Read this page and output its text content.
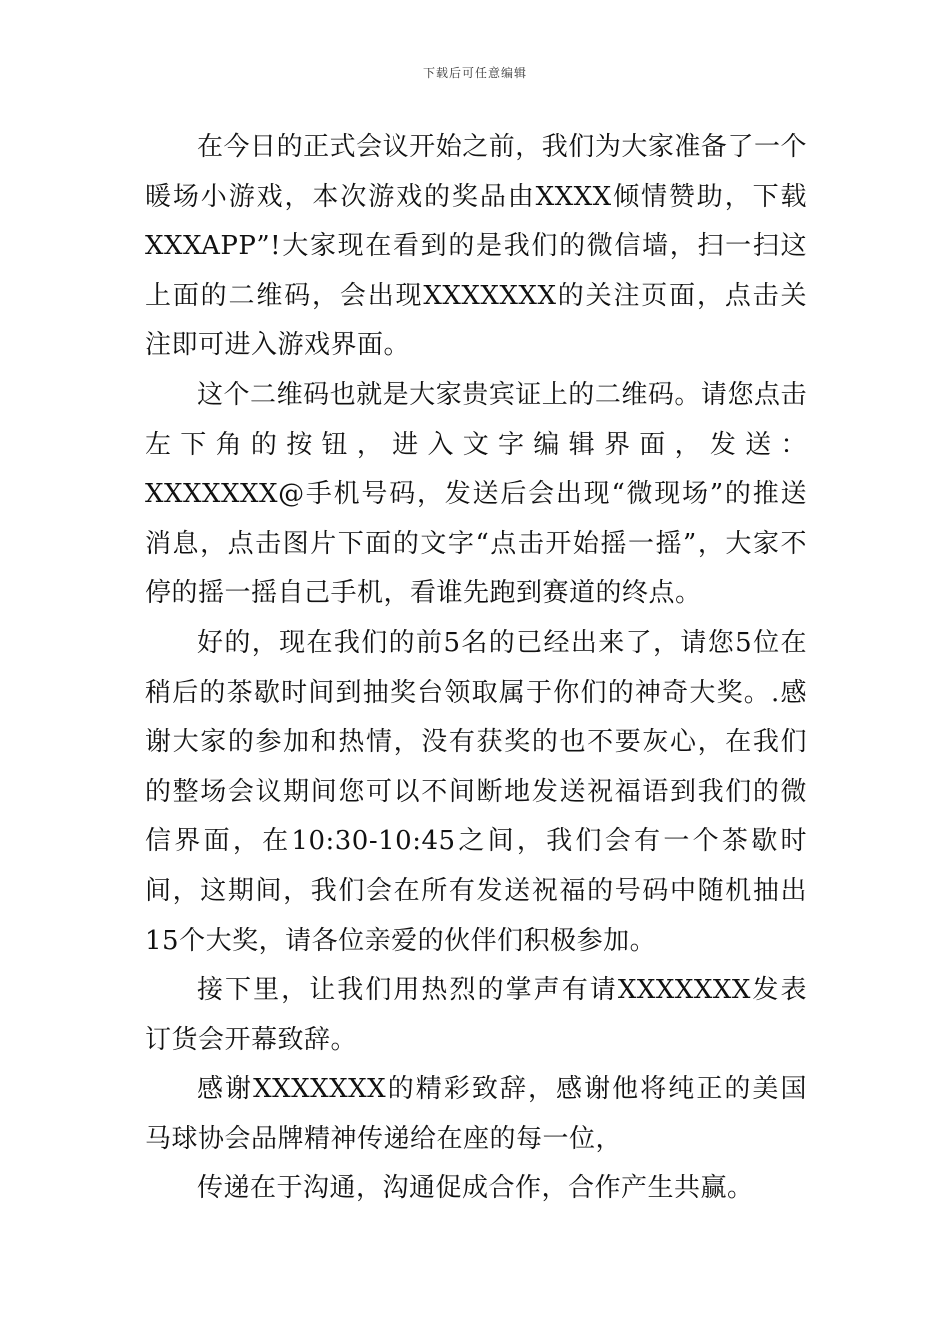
下载后可任意编辑

在今日的正式会议开始之前，我们为大家准备了一个暖场小游戏，本次游戏的奖品由XXXX倾情赞助，下载XXXAPP”!大家现在看到的是我们的微信墙，扫一扫这上面的二维码，会出现XXXXXXX的关注页面，点击关注即可进入游戏界面。

这个二维码也就是大家贵宾证上的二维码。请您点击左下角的按钮，进入文字编辑界面，发送：XXXXXXX@手机号码，发送后会出现“微现场”的推送消息，点击图片下面的文字“点击开始摇一摇”，大家不停的摇一摇自己手机，看谁先跑到赛道的终点。

好的，现在我们的前5名的已经出来了，请您5位在稍后的茶歇时间到抽奖台领取属于你们的神奇大奖。.感谢大家的参加和热情，没有获奖的也不要灰心，在我们的整场会议期间您可以不间断地发送祝福语到我们的微信界面，在10:30-10:45之间，我们会有一个茶歇时间，这期间，我们会在所有发送祝福的号码中随机抽出15个大奖，请各位亲爱的伙伴们积极参加。

接下里，让我们用热烈的掌声有请XXXXXXX发表订货会开幕致辞。

感谢XXXXXXX的精彩致辞，感谢他将纯正的美国马球协会品牌精神传递给在座的每一位，

传递在于沟通，沟通促成合作，合作产生共赢。
